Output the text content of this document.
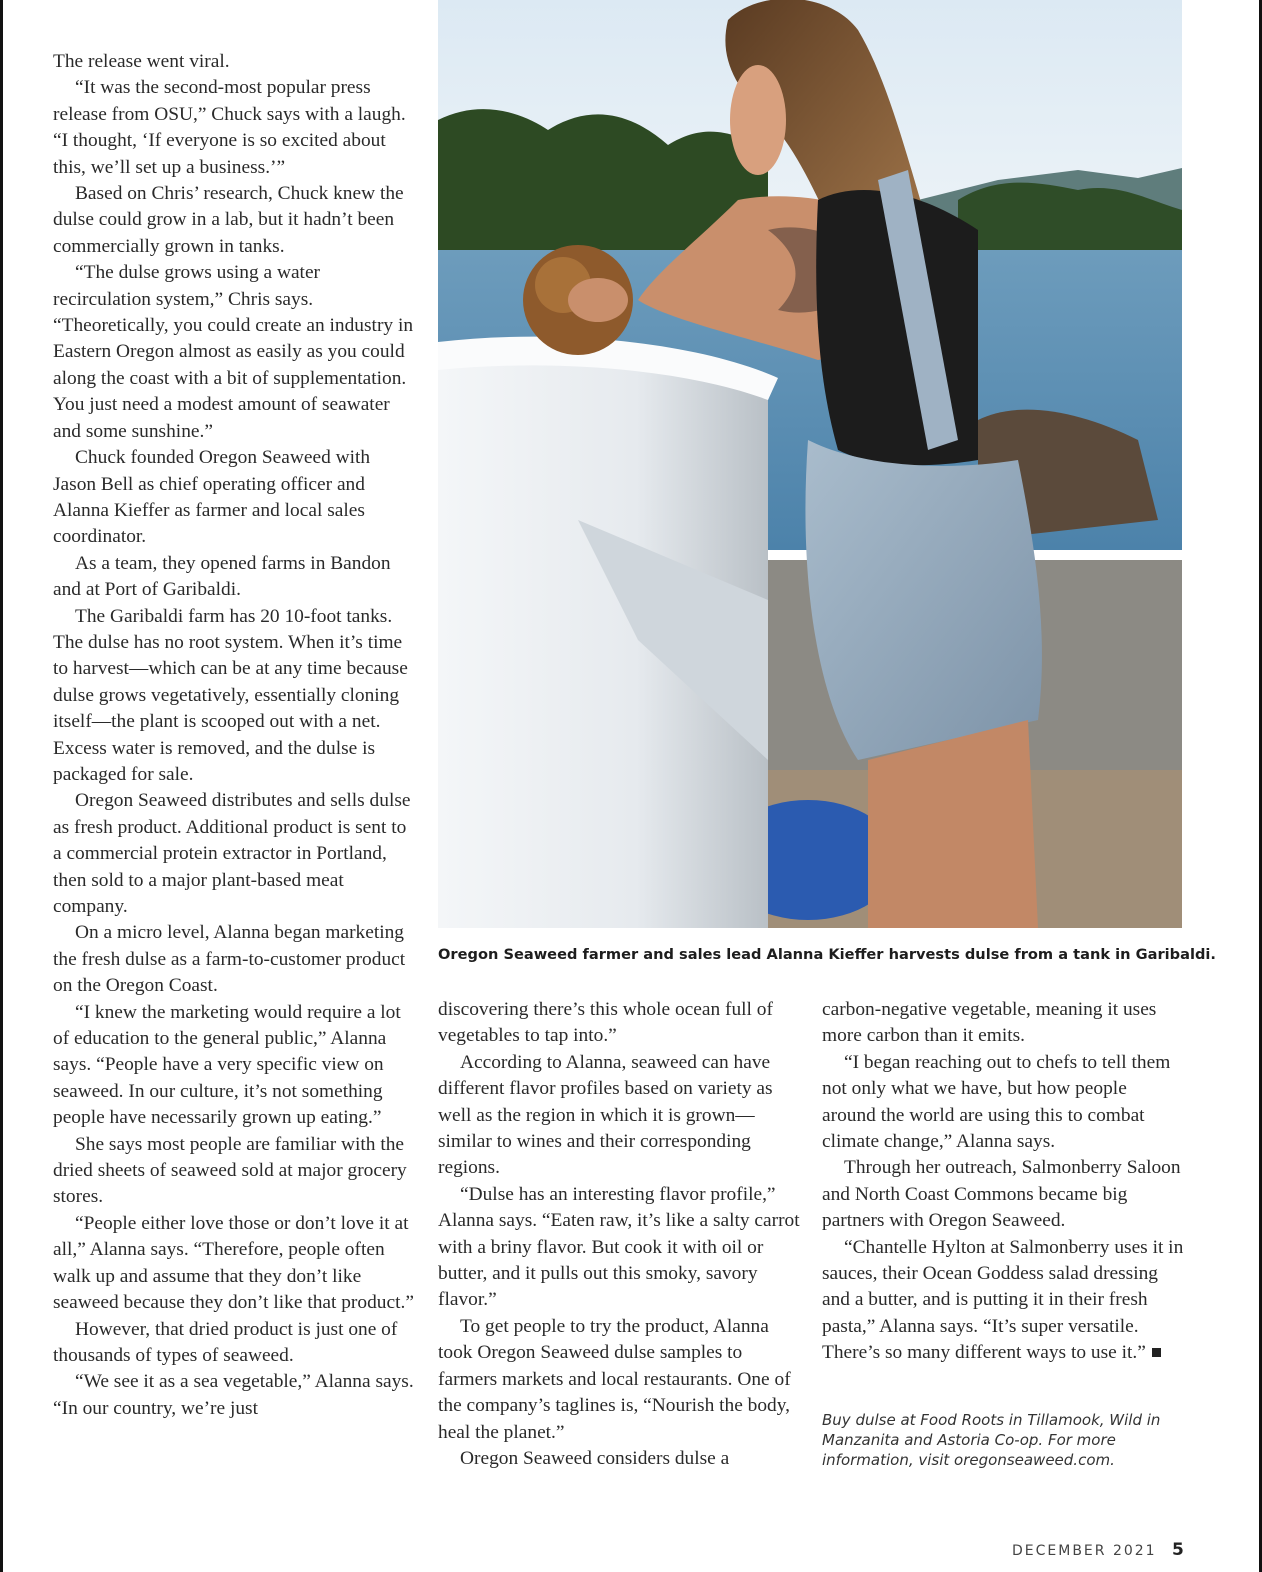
The release went viral.

“It was the second-most popular press release from OSU,” Chuck says with a laugh. “I thought, ‘If everyone is so excited about this, we’ll set up a business.’”

Based on Chris’ research, Chuck knew the dulse could grow in a lab, but it hadn’t been commercially grown in tanks.

“The dulse grows using a water recirculation system,” Chris says. “Theoretically, you could create an industry in Eastern Oregon almost as easily as you could along the coast with a bit of supplementation. You just need a modest amount of seawater and some sunshine.”

Chuck founded Oregon Seaweed with Jason Bell as chief operating officer and Alanna Kieffer as farmer and local sales coordinator.

As a team, they opened farms in Bandon and at Port of Garibaldi.

The Garibaldi farm has 20 10-foot tanks. The dulse has no root system. When it’s time to harvest—which can be at any time because dulse grows vegetatively, essentially cloning itself—the plant is scooped out with a net. Excess water is removed, and the dulse is packaged for sale.

Oregon Seaweed distributes and sells dulse as fresh product. Additional product is sent to a commercial protein extractor in Portland, then sold to a major plant-based meat company.

On a micro level, Alanna began marketing the fresh dulse as a farm-to-customer product on the Oregon Coast.

“I knew the marketing would require a lot of education to the general public,” Alanna says. “People have a very specific view on seaweed. In our culture, it’s not something people have necessarily grown up eating.”

She says most people are familiar with the dried sheets of seaweed sold at major grocery stores.

“People either love those or don’t love it at all,” Alanna says. “Therefore, people often walk up and assume that they don’t like seaweed because they don’t like that product.”

However, that dried product is just one of thousands of types of seaweed.

“We see it as a sea vegetable,” Alanna says. “In our country, we’re just

Oregon Seaweed farmer and sales lead Alanna Kieffer harvests dulse from a tank in Garibaldi.

discovering there’s this whole ocean full of vegetables to tap into.”

According to Alanna, seaweed can have different flavor profiles based on variety as well as the region in which it is grown—similar to wines and their corresponding regions.

“Dulse has an interesting flavor profile,” Alanna says. “Eaten raw, it’s like a salty carrot with a briny flavor. But cook it with oil or butter, and it pulls out this smoky, savory flavor.”

To get people to try the product, Alanna took Oregon Seaweed dulse samples to farmers markets and local restaurants. One of the company’s taglines is, “Nourish the body, heal the planet.”

Oregon Seaweed considers dulse a

carbon-negative vegetable, meaning it uses more carbon than it emits.

“I began reaching out to chefs to tell them not only what we have, but how people around the world are using this to combat climate change,” Alanna says.

Through her outreach, Salmonberry Saloon and North Coast Commons became big partners with Oregon Seaweed.

“Chantelle Hylton at Salmonberry uses it in sauces, their Ocean Goddess salad dressing and a butter, and is putting it in their fresh pasta,” Alanna says. “It’s super versatile. There’s so many different ways to use it.”

Buy dulse at Food Roots in Tillamook, Wild in Manzanita and Astoria Co-op. For more information, visit oregonseaweed.com.
DECEMBER 2021 5
